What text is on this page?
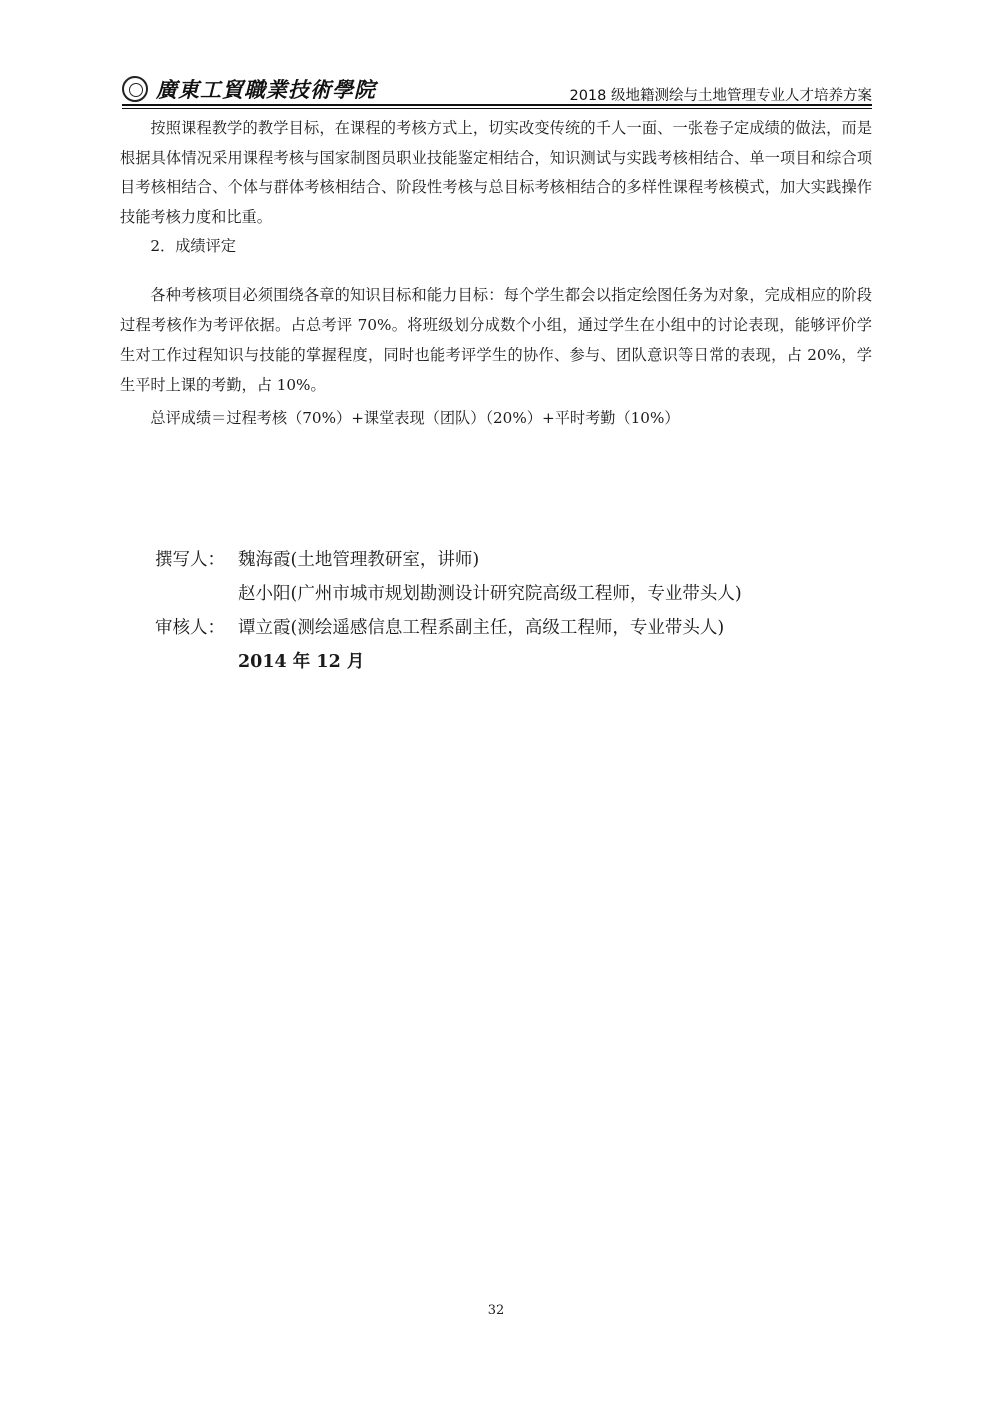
廣東工貿職業技術學院	2018 级地籍测绘与土地管理专业人才培养方案

按照课程教学的教学目标，在课程的考核方式上，切实改变传统的千人一面、一张卷子定成绩的做法，而是根据具体情况采用课程考核与国家制图员职业技能鉴定相结合，知识测试与实践考核相结合、单一项目和综合项目考核相结合、个体与群体考核相结合、阶段性考核与总目标考核相结合的多样性课程考核模式，加大实践操作技能考核力度和比重。

2．成绩评定

各种考核项目必须围绕各章的知识目标和能力目标：每个学生都会以指定绘图任务为对象，完成相应的阶段过程考核作为考评依据。占总考评 70%。将班级划分成数个小组，通过学生在小组中的讨论表现，能够评价学生对工作过程知识与技能的掌握程度，同时也能考评学生的协作、参与、团队意识等日常的表现，占 20%，学生平时上课的考勤，占 10%。

总评成绩＝过程考核（70%）+课堂表现（团队）（20%）+平时考勤（10%）

撰写人： 魏海霞(土地管理教研室，讲师)
赵小阳(广州市城市规划勘测设计研究院高级工程师，专业带头人)
审核人： 谭立霞(测绘遥感信息工程系副主任，高级工程师，专业带头人)
2014 年 12 月
32
